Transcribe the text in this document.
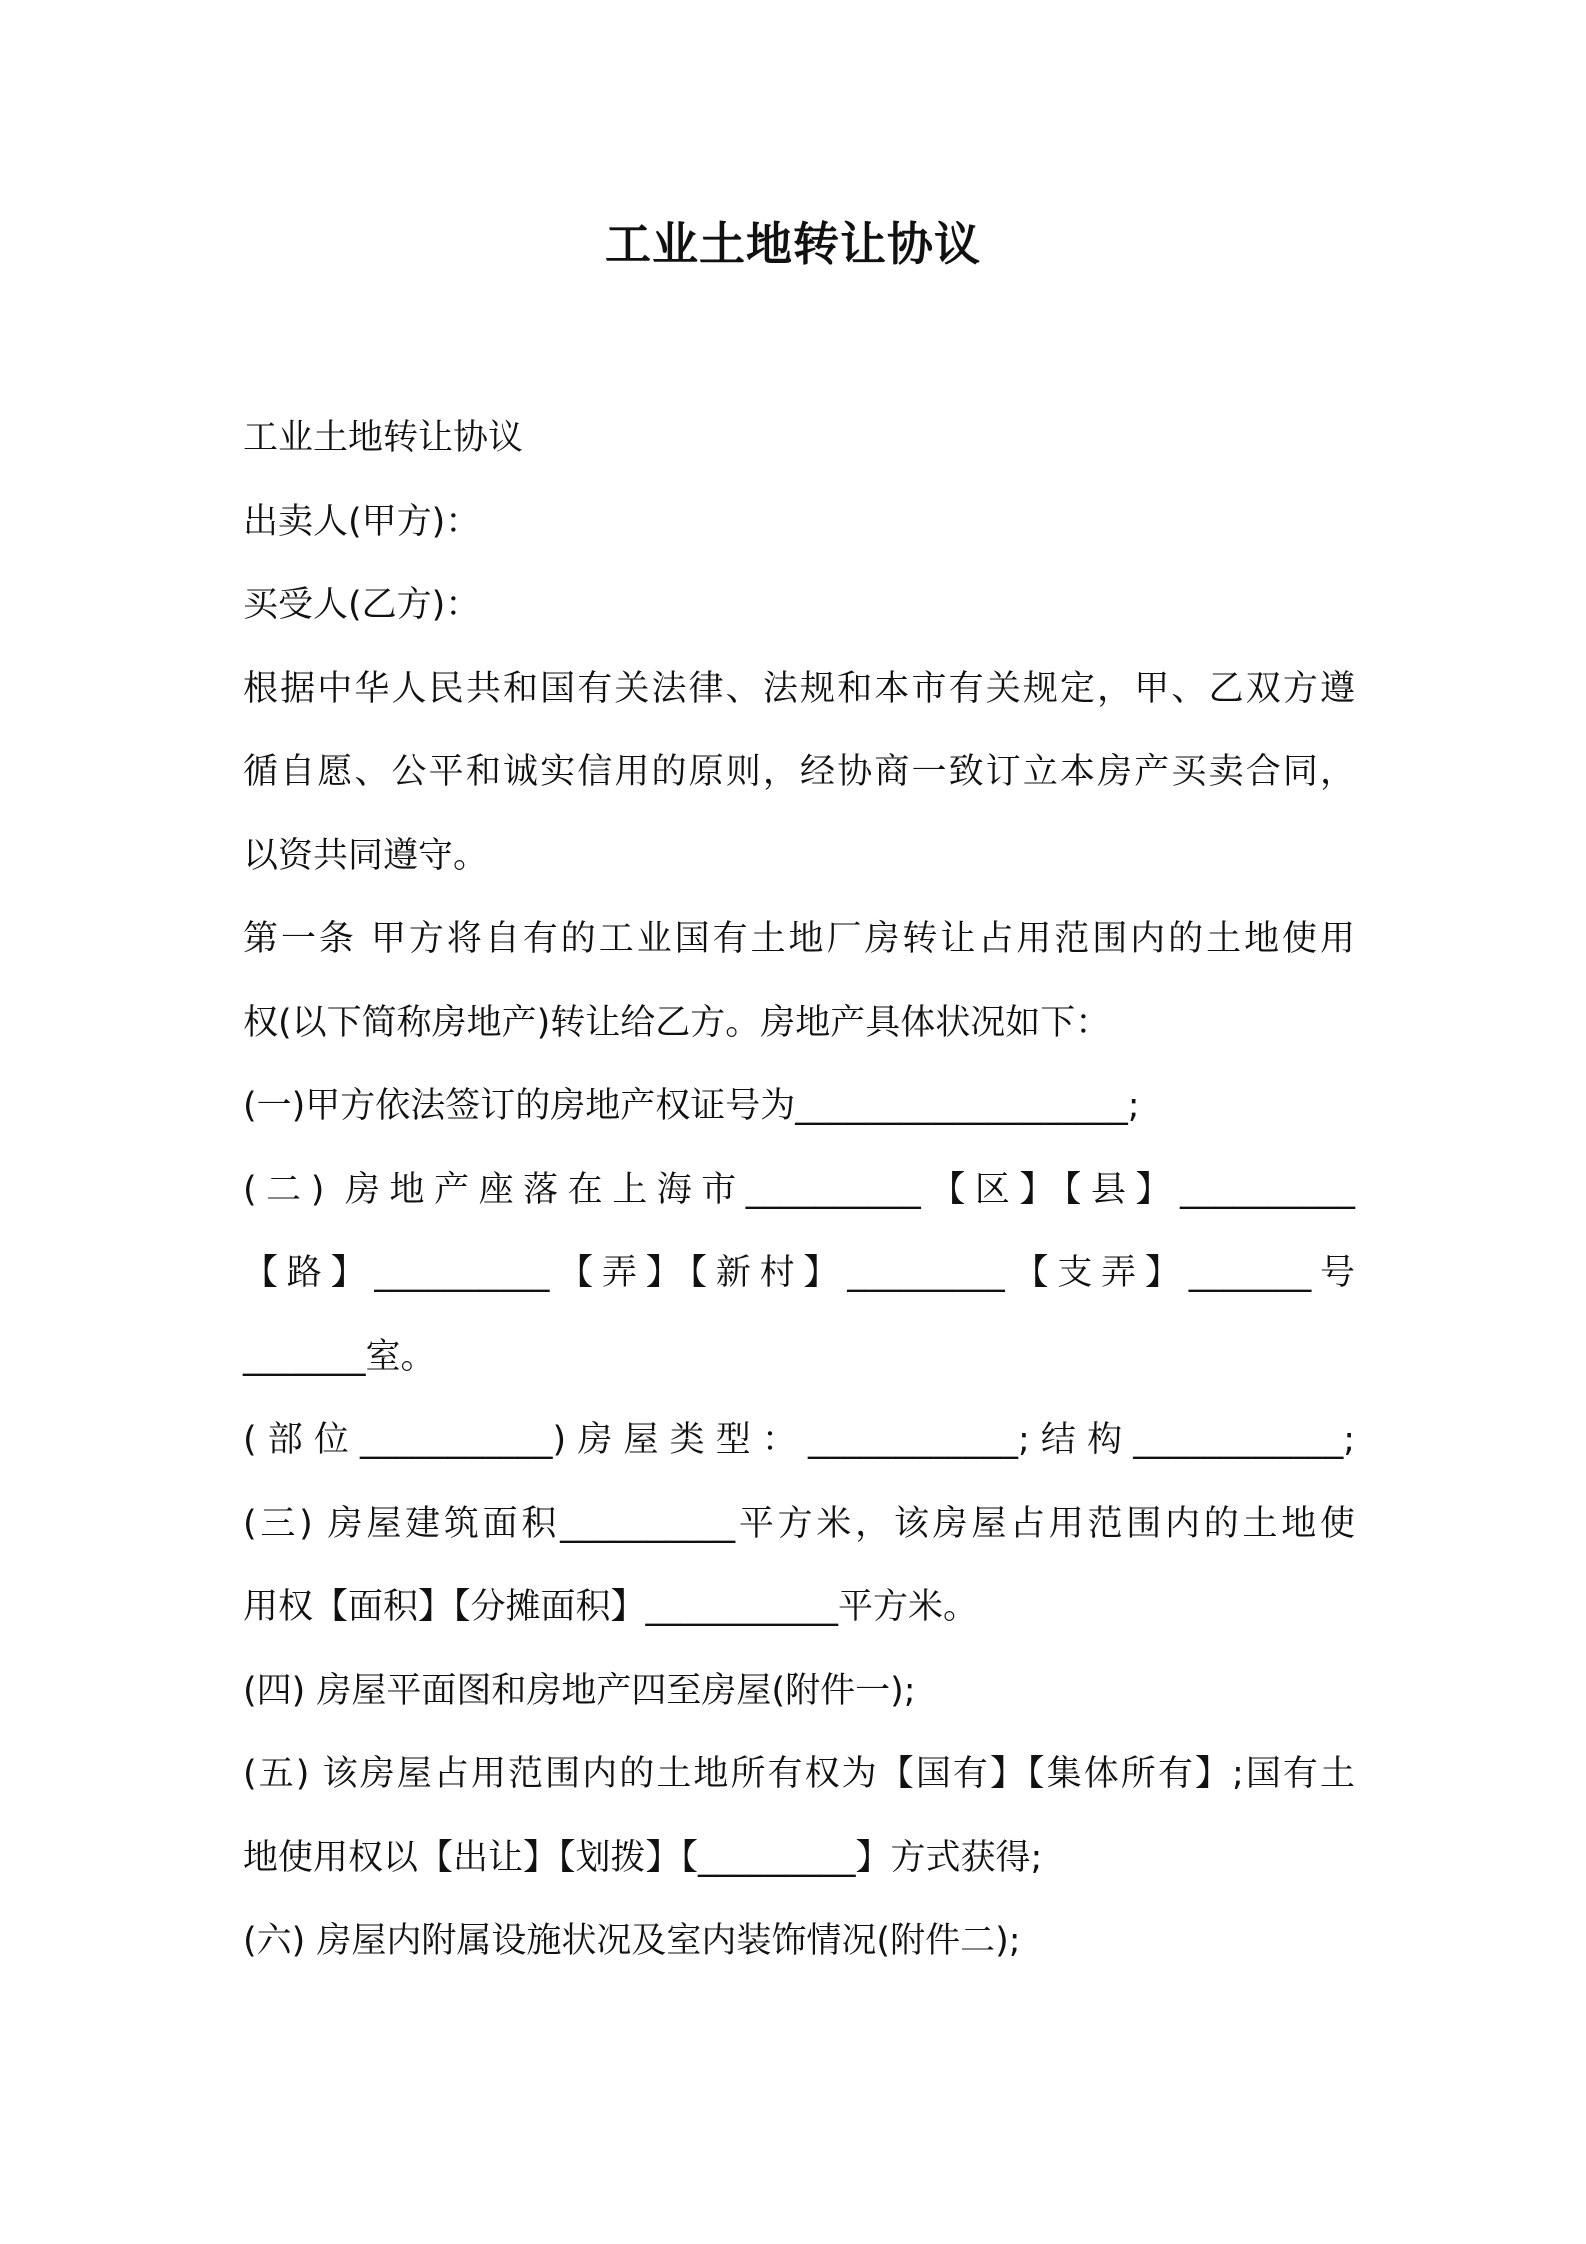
工业土地转让协议
工业土地转让协议
出卖人(甲方)：
买受人(乙方)：
根据中华人民共和国有关法律、法规和本市有关规定，甲、乙双方遵
循自愿、公平和诚实信用的原则，经协商一致订立本房产买卖合同，
以资共同遵守。
第一条 甲方将自有的工业国有土地厂房转让占用范围内的土地使用
权(以下简称房地产)转让给乙方。房地产具体状况如下：
(一)甲方依法签订的房地产权证号为___________________;
(二) 房地产座落在上海市__________【区】【县】__________
【路】__________【弄】【新村】_________【支弄】_______号
_______室。
(部位___________)房屋类型：____________;结构____________;
(三) 房屋建筑面积__________平方米，该房屋占用范围内的土地使
用权【面积】【分摊面积】___________平方米。
(四) 房屋平面图和房地产四至房屋(附件一);
(五) 该房屋占用范围内的土地所有权为【国有】【集体所有】;国有土
地使用权以【出让】【划拨】【_________】方式获得;
(六) 房屋内附属设施状况及室内装饰情况(附件二);
